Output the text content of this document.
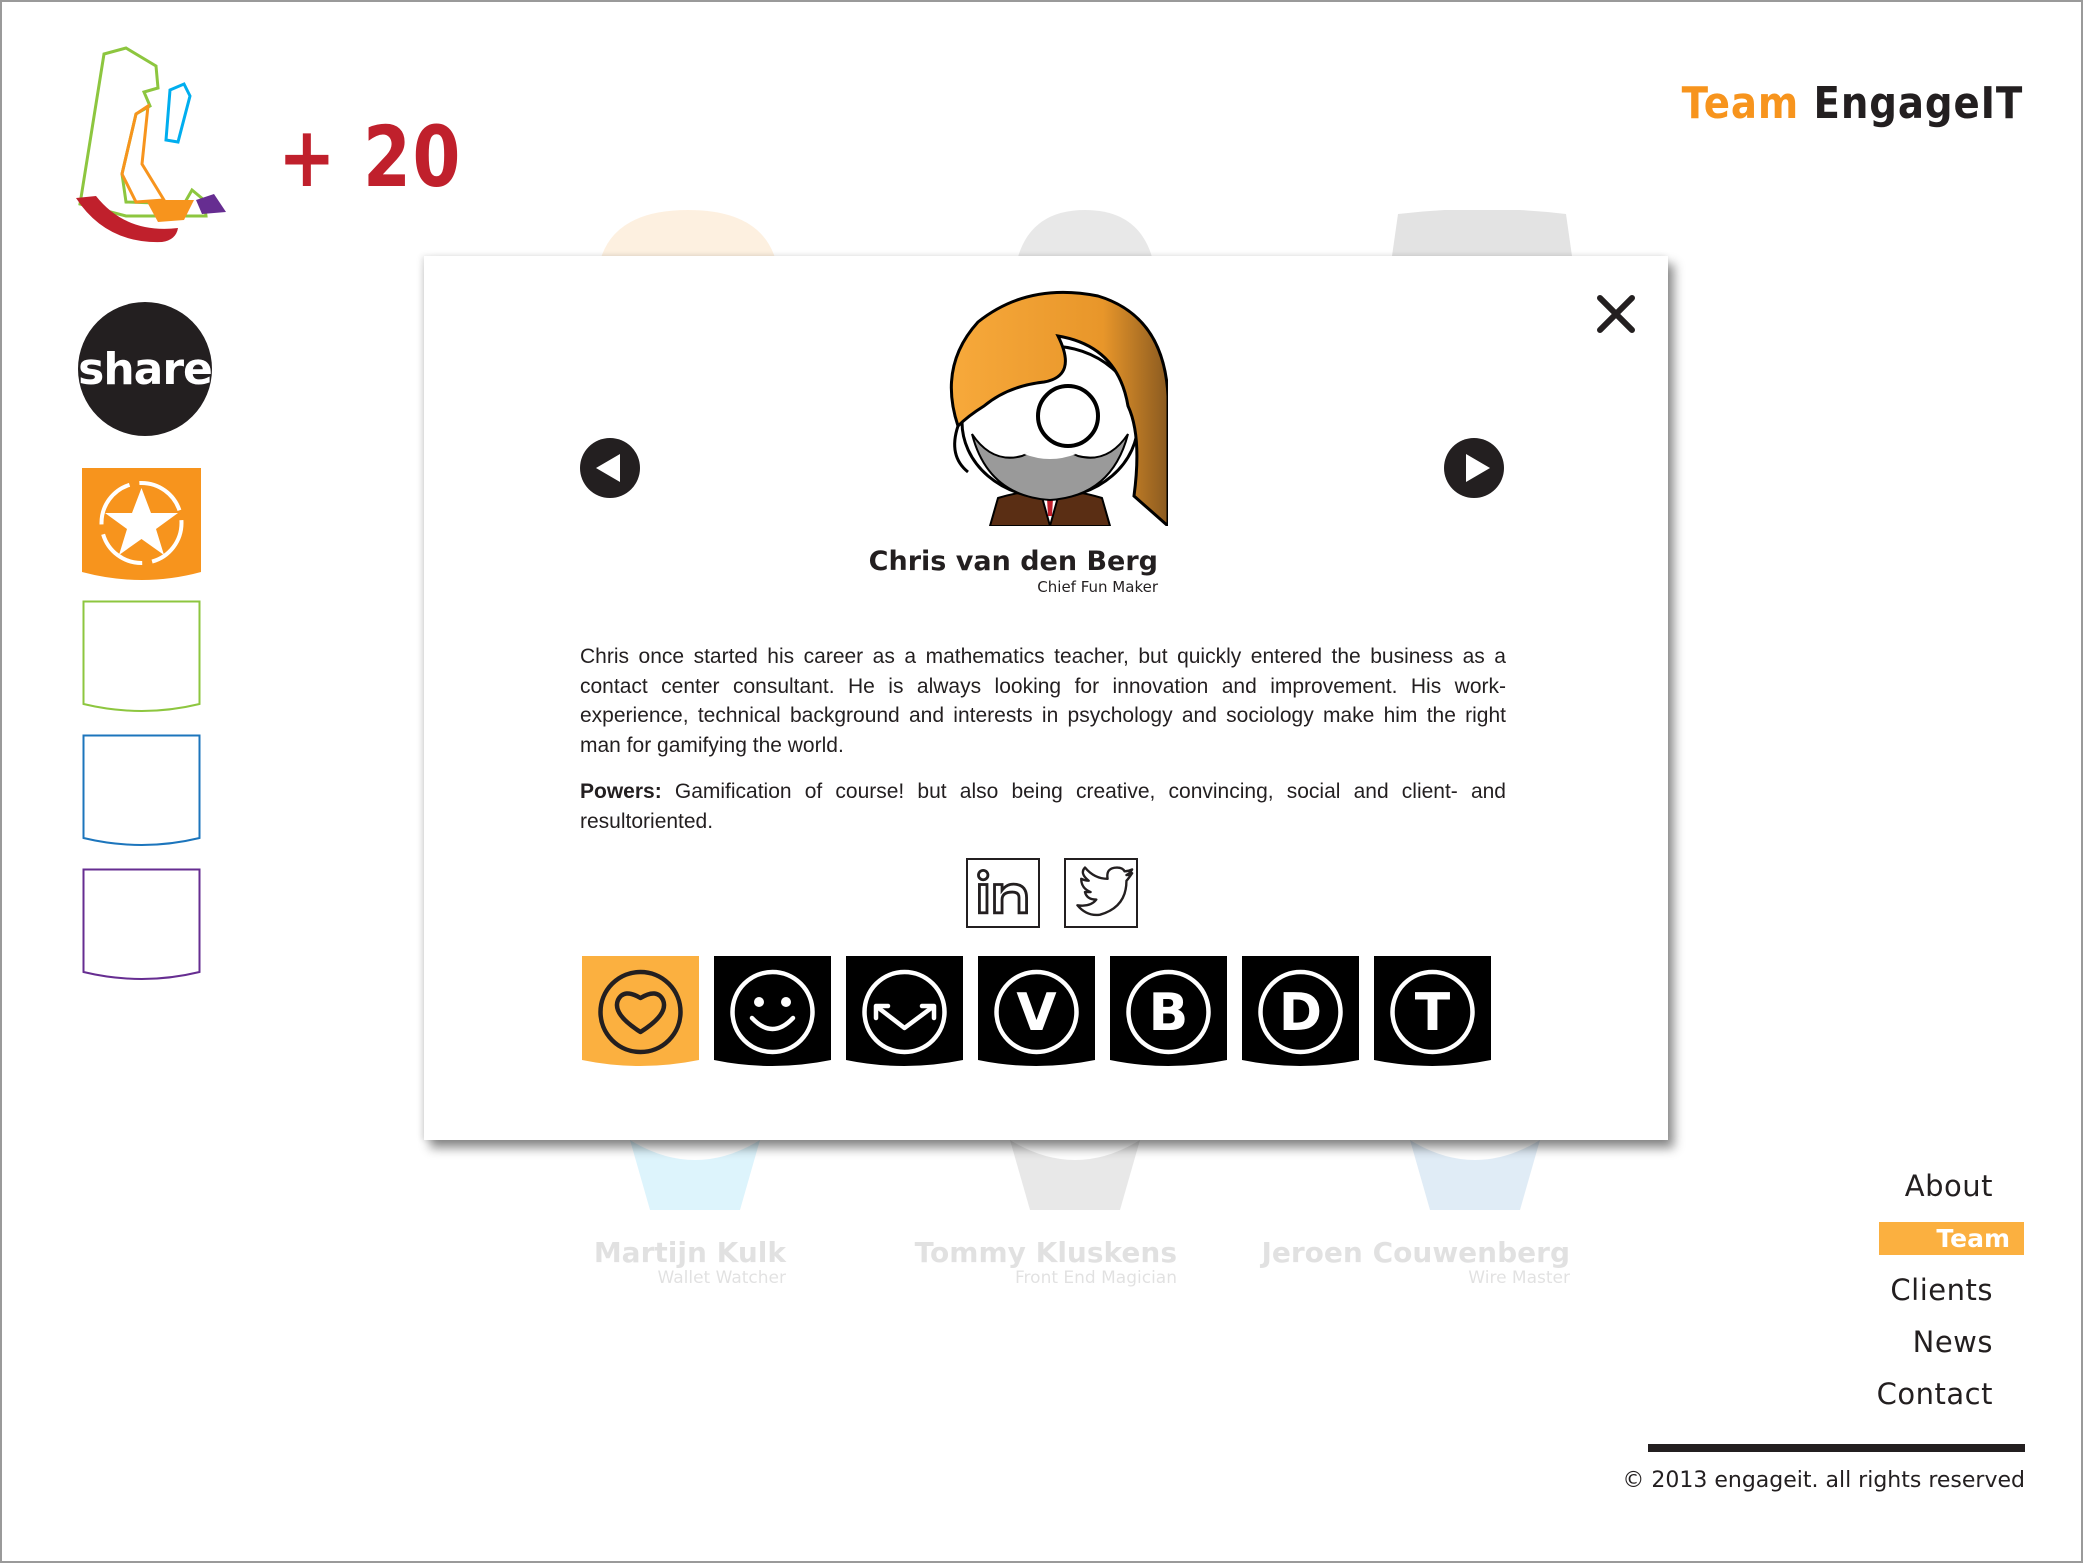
+ 20
share
Team EngageIT
Martijn Kulk
Wallet Watcher
Tommy Kluskens
Front End Magician
Jeroen Couwenberg
Wire Master
Chris van den Berg
Chief Fun Maker

Chris once started his career as a mathematics teacher, but quickly entered the business as a contact center consultant. He is always looking for innovation and improvement. His work-experience, technical background and interests in psychology and sociology make him the right man for gamifying the world.

Powers: Gamification of course! but also being creative, convincing, social and client- and resultoriented.

V B D T
About
Team
Clients
News
Contact
© 2013 engageit. all rights reserved
